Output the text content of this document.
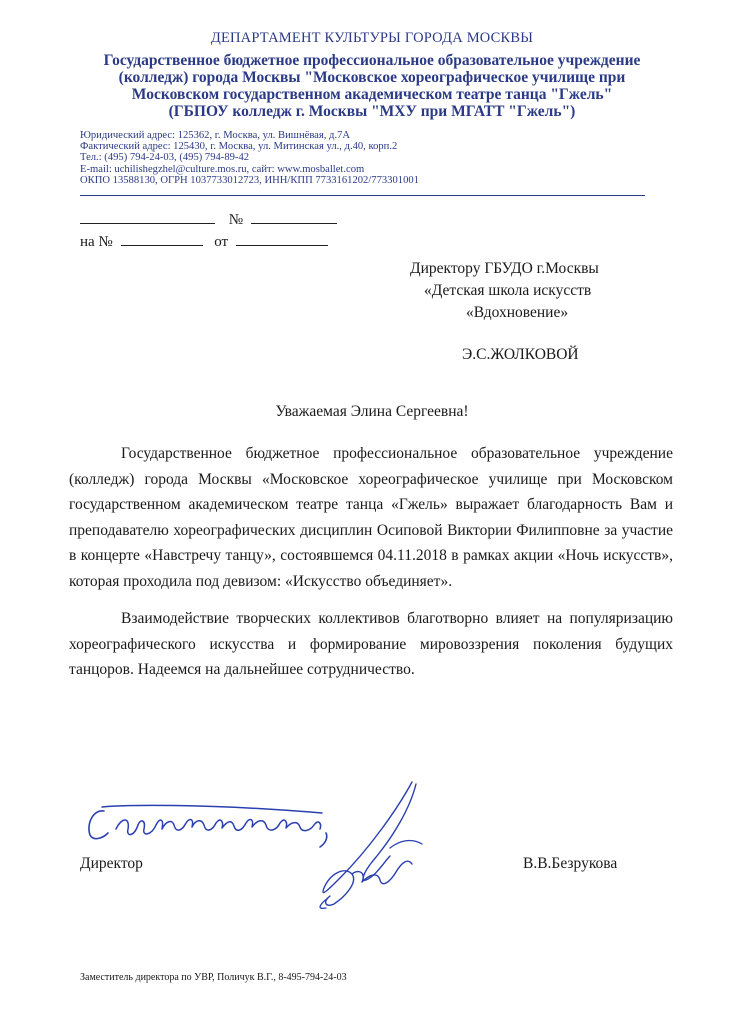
ДЕПАРТАМЕНТ КУЛЬТУРЫ ГОРОДА МОСКВЫ
Государственное бюджетное профессиональное образовательное учреждение
(колледж) города Москвы "Московское хореографическое училище при
Московском государственном академическом театре танца "Гжель"
(ГБПОУ колледж г. Москвы "МХУ при МГАТТ "Гжель")
Юридический адрес: 125362, г. Москва, ул. Вишнёвая, д.7А
Фактический адрес: 125430, г. Москва, ул. Митинская ул., д.40, корп.2
Тел.: (495) 794-24-03, (495) 794-89-42
E-mail: uchilishegzhel@culture.mos.ru, сайт: www.mosballet.com
ОКПО 13588130, ОГРН 1037733012723, ИНН/КПП 7733161202/773301001
№
на №	от
Директору ГБУДО г.Москвы
«Детская школа искусств
«Вдохновение»
Э.С.ЖОЛКОВОЙ
Уважаемая Элина Сергеевна!

Государственное бюджетное профессиональное образовательное учреждение (колледж) города Москвы «Московское хореографическое училище при Московском государственном академическом театре танца «Гжель» выражает благодарность Вам и преподавателю хореографических дисциплин Осиповой Виктории Филипповне за участие в концерте «Навстречу танцу», состоявшемся 04.11.2018 в рамках акции «Ночь искусств», которая проходила под девизом: «Искусство объединяет».

Взаимодействие творческих коллективов благотворно влияет на популяризацию хореографического искусства и формирование мировоззрения поколения будущих танцоров. Надеемся на дальнейшее сотрудничество.

Директор	В.В.Безрукова
Заместитель директора по УВР, Поличук В.Г., 8-495-794-24-03
